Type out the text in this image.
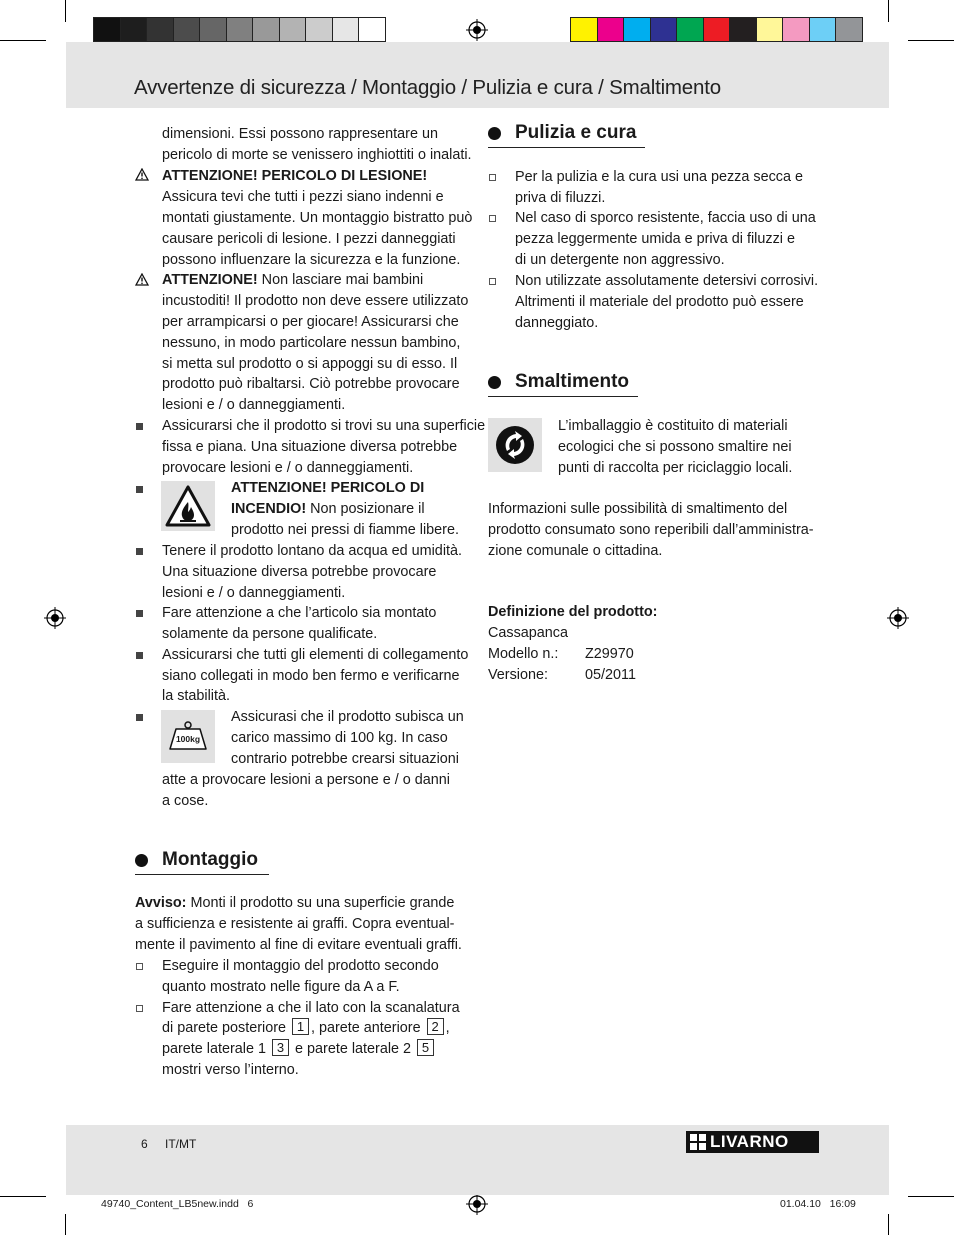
Avvertenze di sicurezza / Montaggio / Pulizia e cura / Smaltimento
dimensioni. Essi possono rappresentare un
pericolo di morte se venissero inghiottiti o inalati.
ATTENZIONE! PERICOLO DI LESIONE!
Assicura tevi che tutti i pezzi siano indenni e
montati giustamente. Un montaggio bistratto può
causare pericoli di lesione. I pezzi danneggiati
possono influenzare la sicurezza e la funzione.
ATTENZIONE! Non lasciare mai bambini
incustoditi! Il prodotto non deve essere utilizzato
per arrampicarsi o per giocare! Assicurarsi che
nessuno, in modo particolare nessun bambino,
si metta sul prodotto o si appoggi su di esso. Il
prodotto può ribaltarsi. Ciò potrebbe provocare
lesioni e / o danneggiamenti.
Assicurarsi che il prodotto si trovi su una superficie
fissa e piana. Una situazione diversa potrebbe
provocare lesioni e / o danneggiamenti.
ATTENZIONE! PERICOLO DI
INCENDIO! Non posizionare il
prodotto nei pressi di fiamme libere.
Tenere il prodotto lontano da acqua ed umidità.
Una situazione diversa potrebbe provocare
lesioni e / o danneggiamenti.
Fare attenzione a che l’articolo sia montato
solamente da persone qualificate.
Assicurarsi che tutti gli elementi di collegamento
siano collegati in modo ben fermo e verificarne
la stabilità.
100kg
Assicurasi che il prodotto subisca un
carico massimo di 100 kg. In caso
contrario potrebbe crearsi situazioni
atte a provocare lesioni a persone e / o danni
a cose.
Montaggio
Avviso: Monti il prodotto su una superficie grande
a sufficienza e resistente ai graffi. Copra eventual-
mente il pavimento al fine di evitare eventuali graffi.
Eseguire il montaggio del prodotto secondo
quanto mostrato nelle figure da A a F.
Fare attenzione a che il lato con la scanalatura
di parete posteriore 1 , parete anteriore 2 ,
parete laterale 1 3 e parete laterale 2 5
mostri verso l’interno.
Pulizia e cura
Per la pulizia e la cura usi una pezza secca e
priva di filuzzi.
Nel caso di sporco resistente, faccia uso di una
pezza leggermente umida e priva di filuzzi e
di un detergente non aggressivo.
Non utilizzate assolutamente detersivi corrosivi.
Altrimenti il materiale del prodotto può essere
danneggiato.
Smaltimento
L’imballaggio è costituito di materiali
ecologici che si possono smaltire nei
punti di raccolta per riciclaggio locali.
Informazioni sulle possibilità di smaltimento del
prodotto consumato sono reperibili dall’amministra-
zione comunale o cittadina.
Definizione del prodotto:
Cassapanca
Modello n.: Z29970
Versione:	05/2011
6 IT/MT	LIVARNO
49740_Content_LB5new.indd   6	01.04.10   16:09
